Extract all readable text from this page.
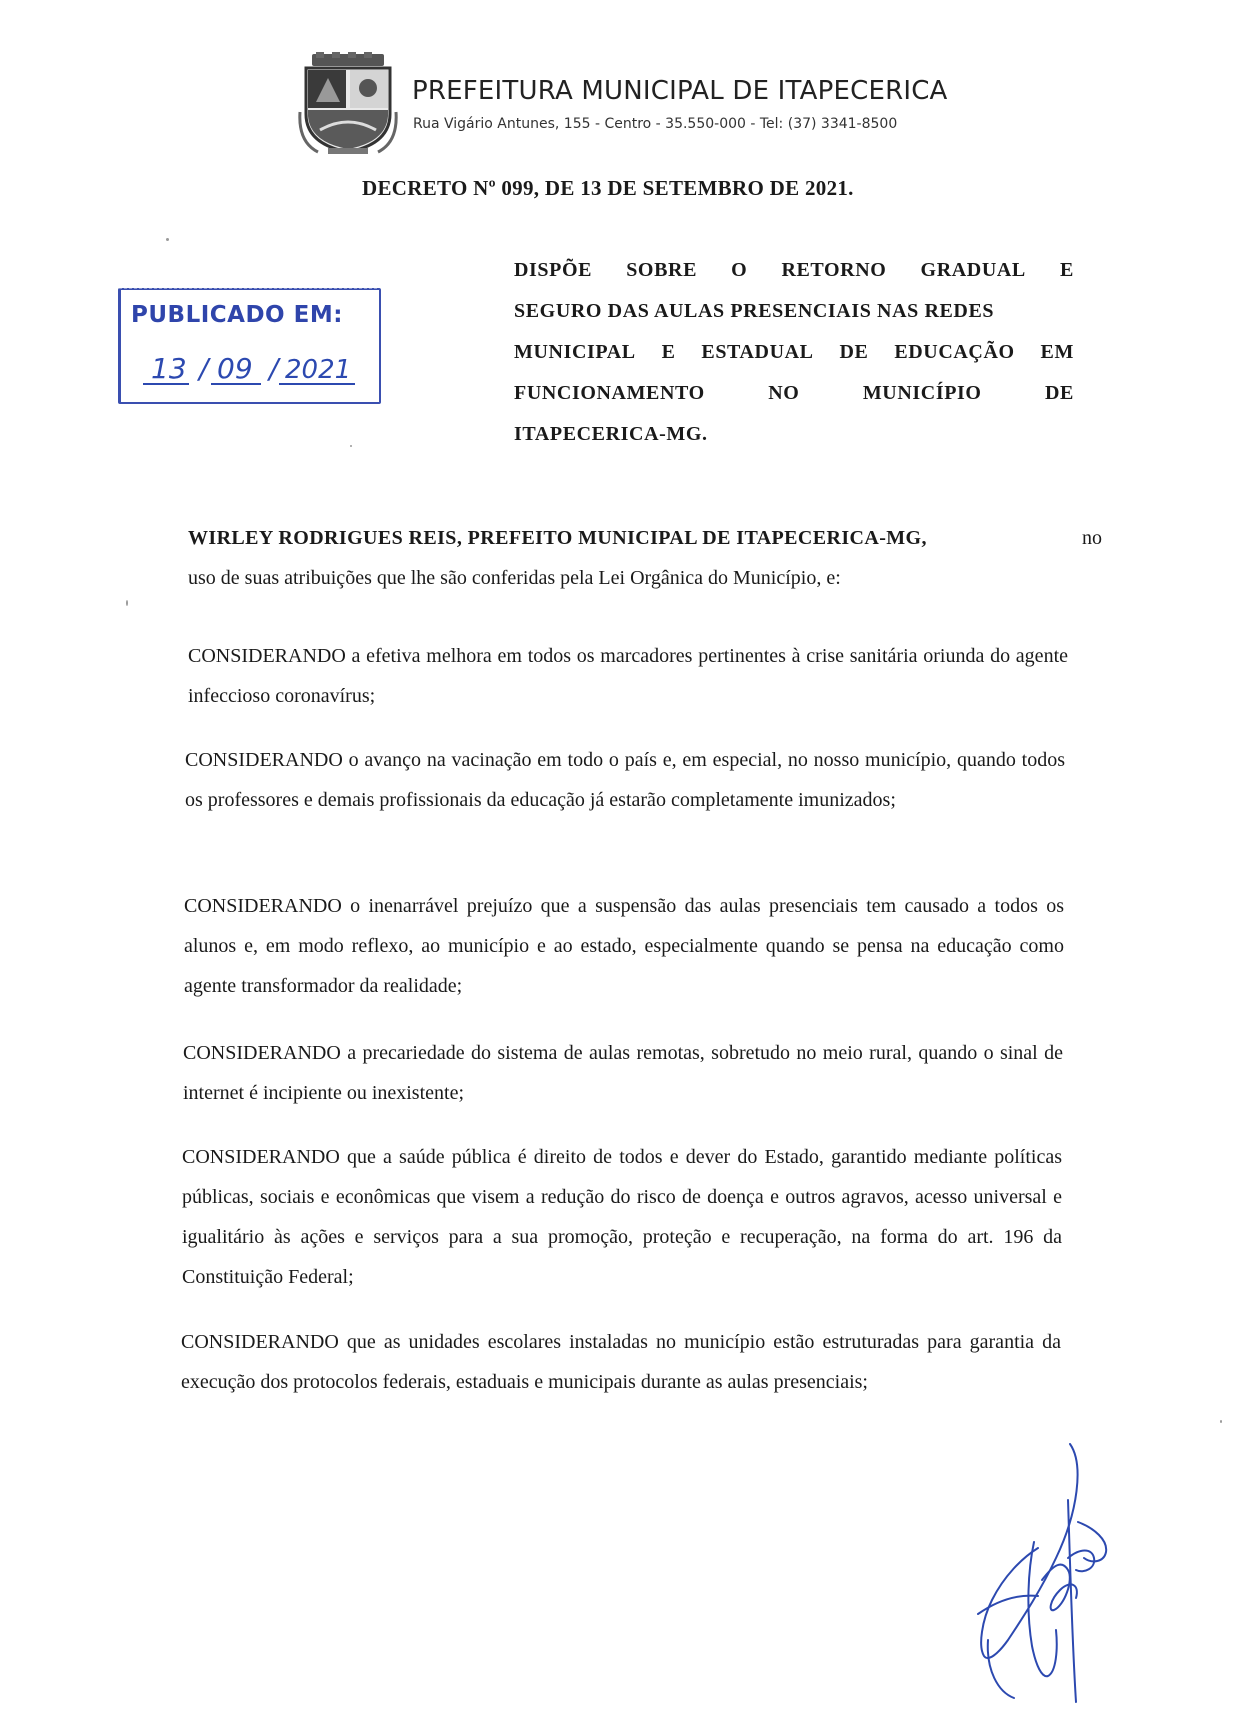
PREFEITURA MUNICIPAL DE ITAPECERICA
Rua Vigário Antunes, 155 - Centro - 35.550-000 - Tel: (37) 3341-8500
DECRETO Nº 099, DE 13 DE SETEMBRO DE 2021.
PUBLICADO EM:
13 / 09 / 2021
DISPÕE SOBRE O RETORNO GRADUAL E
SEGURO DAS AULAS PRESENCIAIS NAS REDES
MUNICIPAL E ESTADUAL DE EDUCAÇÃO EM
FUNCIONAMENTO	NO	MUNICÍPIO	DE
ITAPECERICA-MG.
WIRLEY RODRIGUES REIS, PREFEITO MUNICIPAL DE ITAPECERICA-MG,	no
uso de suas atribuições que lhe são conferidas pela Lei Orgânica do Município, e:
CONSIDERANDO a efetiva melhora em todos os marcadores pertinentes à crise sanitária oriunda do agente infeccioso coronavírus;
CONSIDERANDO o avanço na vacinação em todo o país e, em especial, no nosso município, quando todos os professores e demais profissionais da educação já estarão completamente imunizados;
CONSIDERANDO o inenarrável prejuízo que a suspensão das aulas presenciais tem causado a todos os alunos e, em modo reflexo, ao município e ao estado, especialmente quando se pensa na educação como agente transformador da realidade;
CONSIDERANDO a precariedade do sistema de aulas remotas, sobretudo no meio rural, quando o sinal de internet é incipiente ou inexistente;
CONSIDERANDO que a saúde pública é direito de todos e dever do Estado, garantido mediante políticas públicas, sociais e econômicas que visem a redução do risco de doença e outros agravos, acesso universal e igualitário às ações e serviços para a sua promoção, proteção e recuperação, na forma do art. 196 da Constituição Federal;
CONSIDERANDO que as unidades escolares instaladas no município estão estruturadas para garantia da execução dos protocolos federais, estaduais e municipais durante as aulas presenciais;
